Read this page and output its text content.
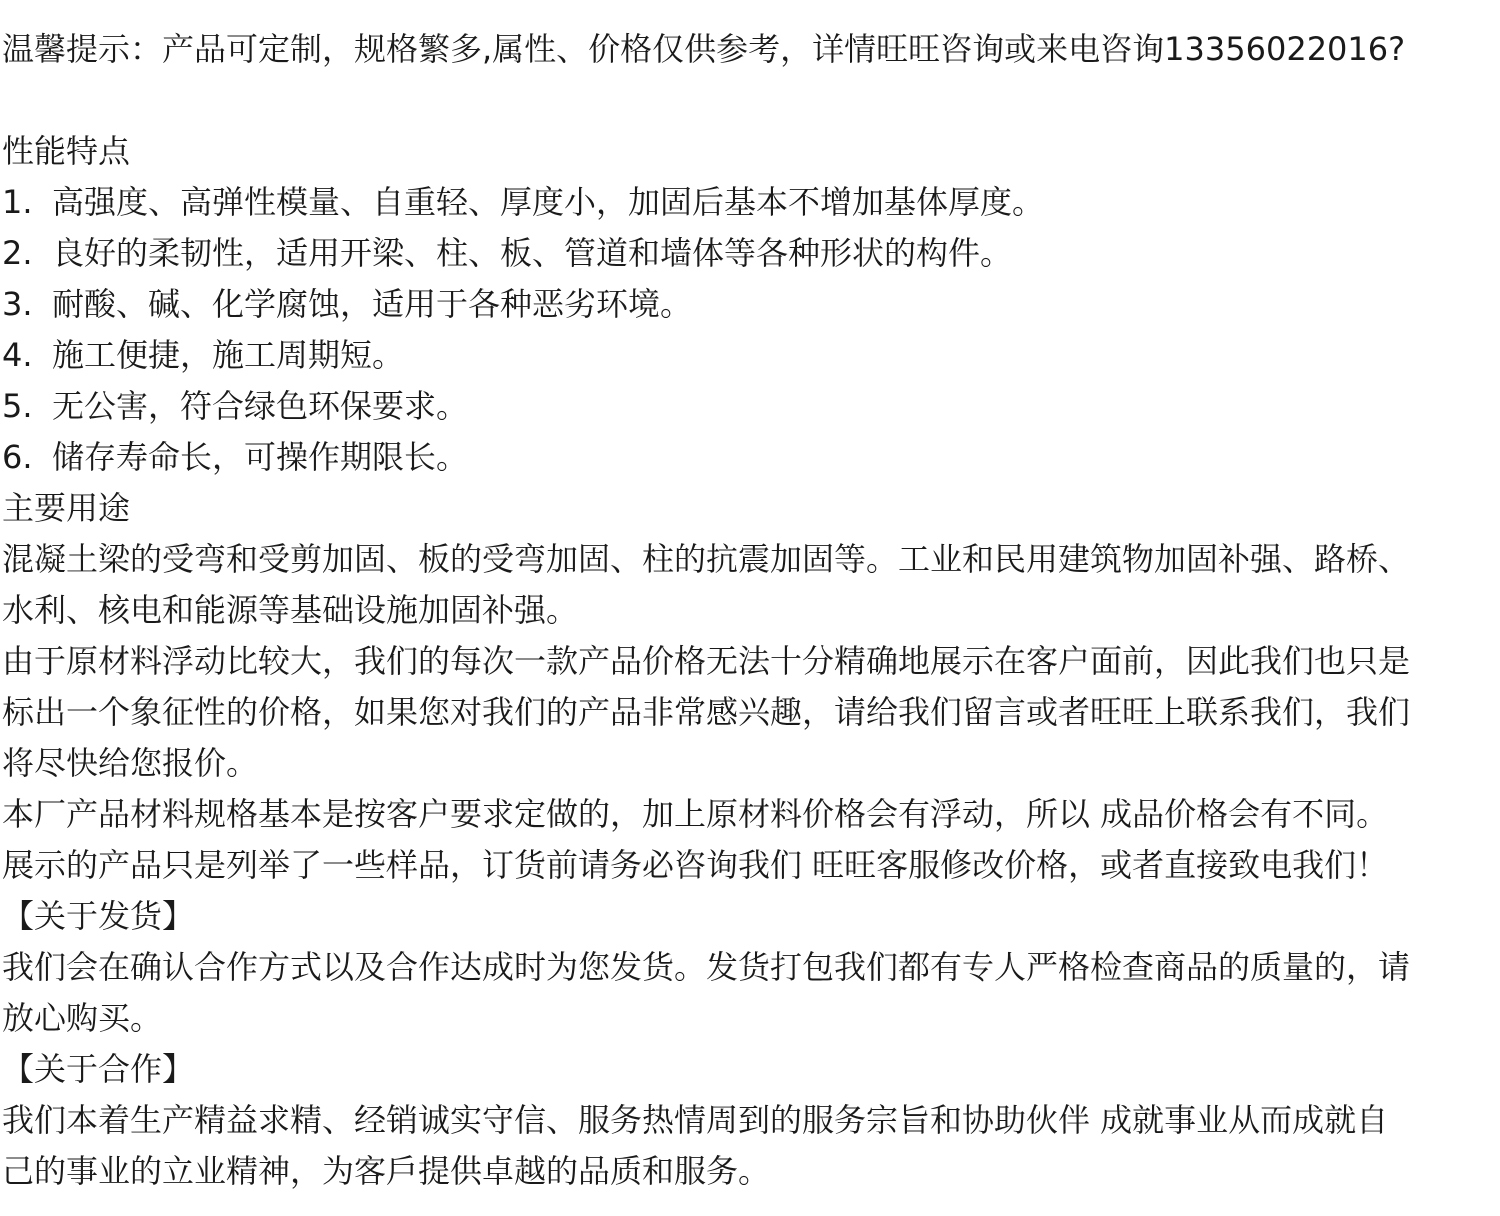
温馨提示：产品可定制，规格繁多,属性、价格仅供参考，详情旺旺咨询或来电咨询13356022016?
性能特点
1. 高强度、高弹性模量、自重轻、厚度小，加固后基本不增加基体厚度。
2. 良好的柔韧性，适用开梁、柱、板、管道和墙体等各种形状的构件。
3. 耐酸、碱、化学腐蚀，适用于各种恶劣环境。
4. 施工便捷，施工周期短。
5. 无公害，符合绿色环保要求。
6. 储存寿命长，可操作期限长。
主要用途
混凝土梁的受弯和受剪加固、板的受弯加固、柱的抗震加固等。工业和民用建筑物加固补强、路桥、
水利、核电和能源等基础设施加固补强。
由于原材料浮动比较大，我们的每次一款产品价格无法十分精确地展示在客户面前，因此我们也只是
标出一个象征性的价格，如果您对我们的产品非常感兴趣，请给我们留言或者旺旺上联系我们，我们
将尽快给您报价。
本厂产品材料规格基本是按客户要求定做的，加上原材料价格会有浮动，所以 成品价格会有不同。
展示的产品只是列举了一些样品，订货前请务必咨询我们 旺旺客服修改价格，或者直接致电我们！
【关于发货】
我们会在确认合作方式以及合作达成时为您发货。发货打包我们都有专人严格检查商品的质量的，请
放心购买。
【关于合作】
我们本着生产精益求精、经销诚实守信、服务热情周到的服务宗旨和协助伙伴 成就事业从而成就自
己的事业的立业精神，为客戶提供卓越的品质和服务。
